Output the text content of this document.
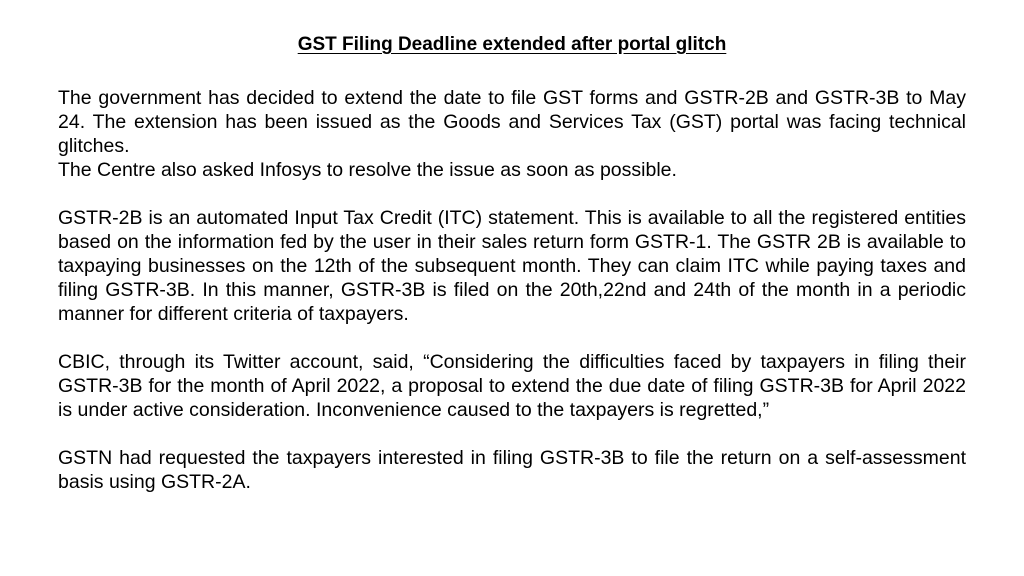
GST Filing Deadline extended after portal glitch

The government has decided to extend the date to file GST forms and GSTR-2B and GSTR-3B to May 24. The extension has been issued as the Goods and Services Tax (GST) portal was facing technical glitches.
The Centre also asked Infosys to resolve the issue as soon as possible.

GSTR-2B is an automated Input Tax Credit (ITC) statement. This is available to all the registered entities based on the information fed by the user in their sales return form GSTR-1. The GSTR 2B is available to taxpaying businesses on the 12th of the subsequent month. They can claim ITC while paying taxes and filing GSTR-3B. In this manner, GSTR-3B is filed on the 20th,22nd and 24th of the month in a periodic manner for different criteria of taxpayers.

CBIC, through its Twitter account, said, “Considering the difficulties faced by taxpayers in filing their GSTR-3B for the month of April 2022, a proposal to extend the due date of filing GSTR-3B for April 2022 is under active consideration. Inconvenience caused to the taxpayers is regretted,”

GSTN had requested the taxpayers interested in filing GSTR-3B to file the return on a self-assessment basis using GSTR-2A.
